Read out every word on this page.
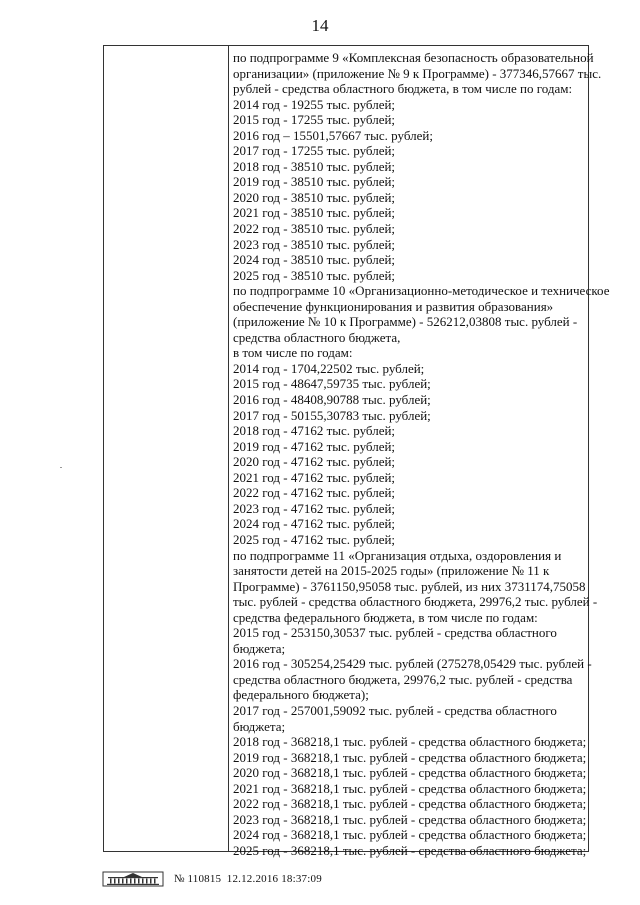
14
по подпрограмме 9 «Комплексная безопасность образовательной
организации» (приложение № 9 к Программе) - 377346,57667 тыс.
рублей - средства областного бюджета, в том числе по годам:
2014 год - 19255 тыс. рублей;
2015 год - 17255 тыс. рублей;
2016 год – 15501,57667 тыс. рублей;
2017 год - 17255 тыс. рублей;
2018 год - 38510 тыс. рублей;
2019 год - 38510 тыс. рублей;
2020 год - 38510 тыс. рублей;
2021 год - 38510 тыс. рублей;
2022 год - 38510 тыс. рублей;
2023 год - 38510 тыс. рублей;
2024 год - 38510 тыс. рублей;
2025 год - 38510 тыс. рублей;
по подпрограмме 10 «Организационно-методическое и техническое
обеспечение функционирования и развития образования»
(приложение № 10 к Программе) - 526212,03808 тыс. рублей -
средства областного бюджета,
в том числе по годам:
2014 год - 1704,22502 тыс. рублей;
2015 год - 48647,59735 тыс. рублей;
2016 год - 48408,90788 тыс. рублей;
2017 год - 50155,30783 тыс. рублей;
2018 год - 47162 тыс. рублей;
2019 год - 47162 тыс. рублей;
2020 год - 47162 тыс. рублей;
2021 год - 47162 тыс. рублей;
2022 год - 47162 тыс. рублей;
2023 год - 47162 тыс. рублей;
2024 год - 47162 тыс. рублей;
2025 год - 47162 тыс. рублей;
по подпрограмме 11 «Организация отдыха, оздоровления и
занятости детей на 2015-2025 годы» (приложение № 11 к
Программе) - 3761150,95058 тыс. рублей, из них 3731174,75058
тыс. рублей - средства областного бюджета, 29976,2 тыс. рублей -
средства федерального бюджета, в том числе по годам:
2015 год - 253150,30537 тыс. рублей - средства областного
бюджета;
2016 год - 305254,25429 тыс. рублей (275278,05429 тыс. рублей -
средства областного бюджета, 29976,2 тыс. рублей - средства
федерального бюджета);
2017 год - 257001,59092 тыс. рублей - средства областного
бюджета;
2018 год - 368218,1 тыс. рублей - средства областного бюджета;
2019 год - 368218,1 тыс. рублей - средства областного бюджета;
2020 год - 368218,1 тыс. рублей - средства областного бюджета;
2021 год - 368218,1 тыс. рублей - средства областного бюджета;
2022 год - 368218,1 тыс. рублей - средства областного бюджета;
2023 год - 368218,1 тыс. рублей - средства областного бюджета;
2024 год - 368218,1 тыс. рублей - средства областного бюджета;
2025 год - 368218,1 тыс. рублей - средства областного бюджета;
№
110815
12.12.2016 18:37:09
